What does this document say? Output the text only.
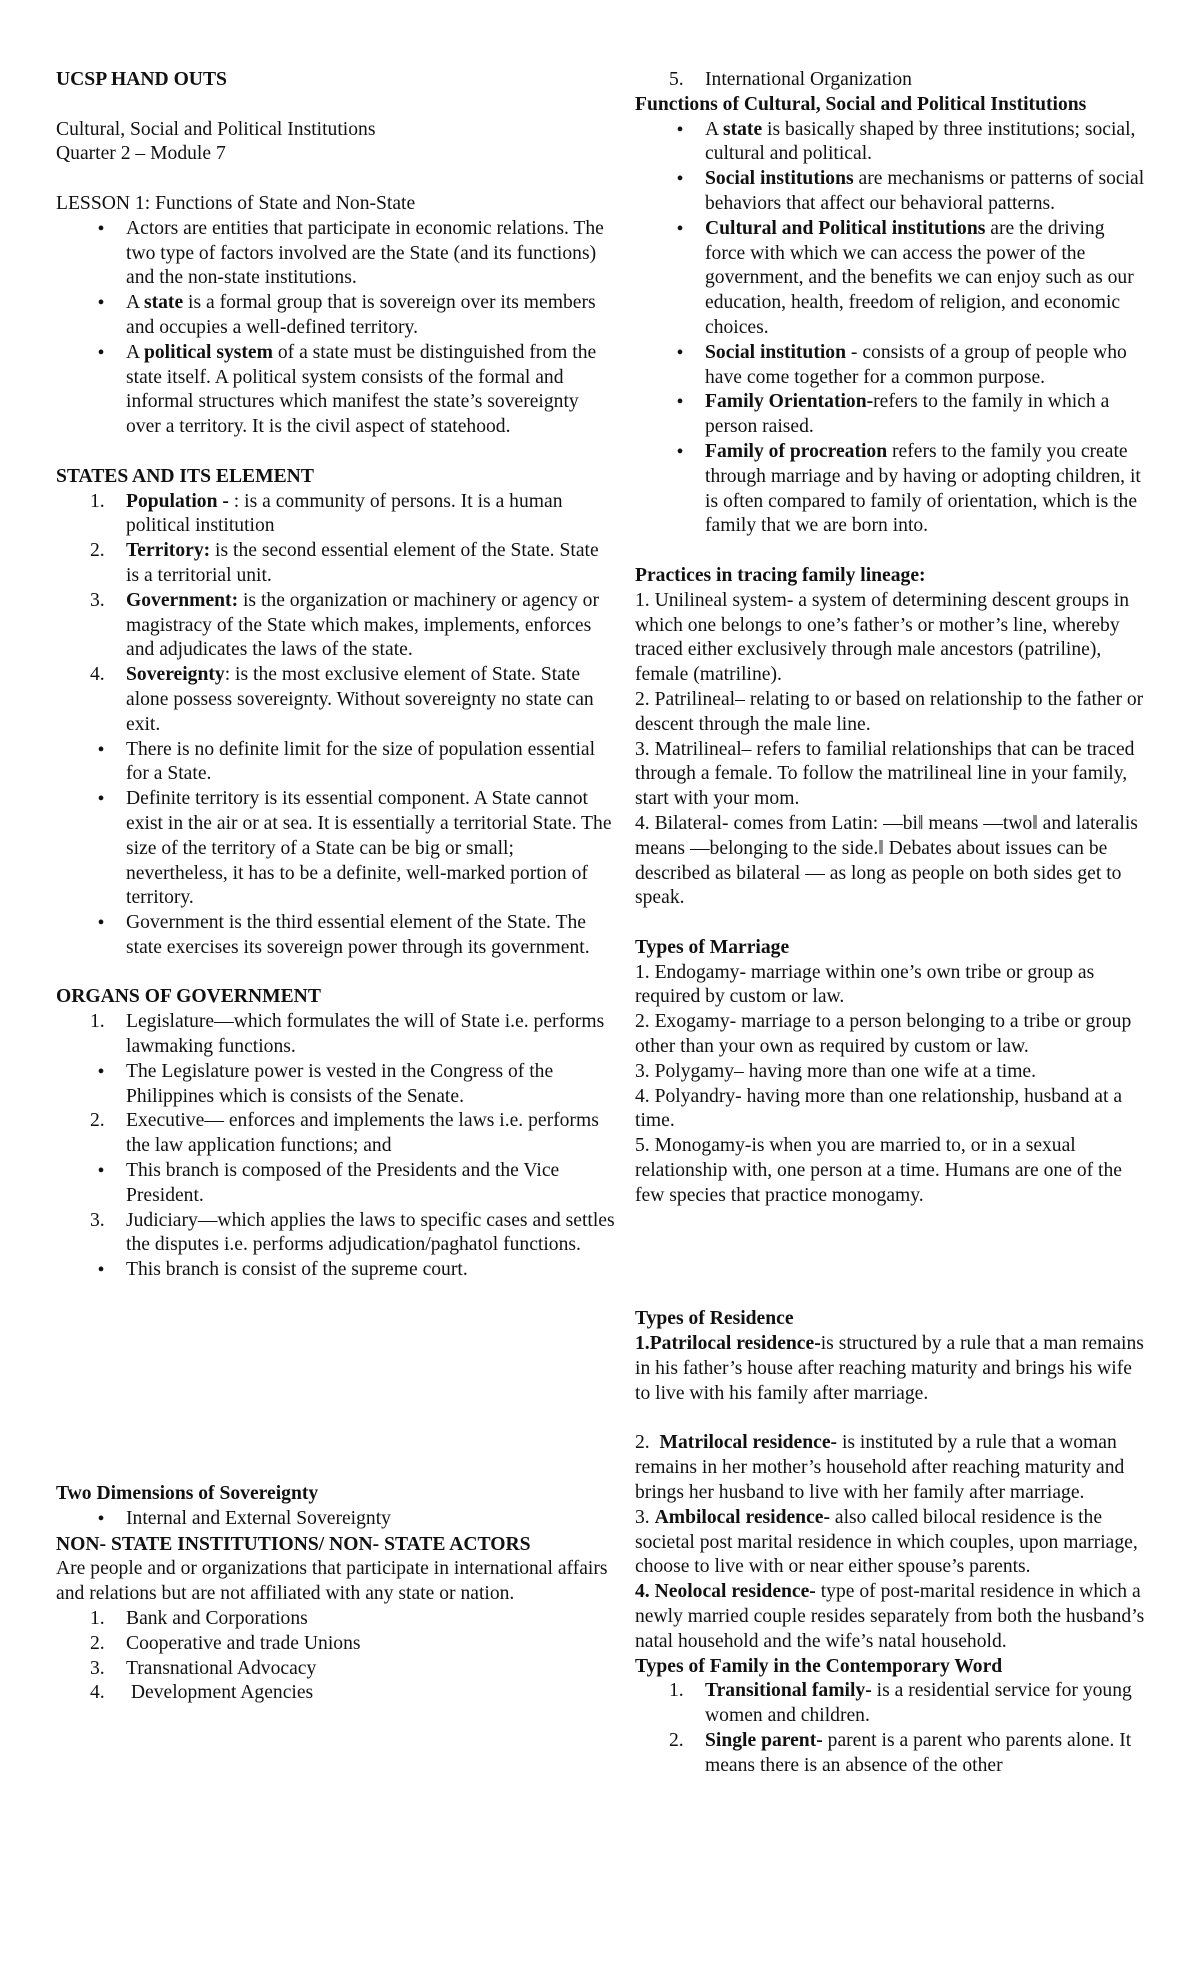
UCSP HAND OUTS

Cultural, Social and Political Institutions

Quarter 2 – Module 7

LESSON 1: Functions of State and Non-State

•
Actors are entities that participate in economic relations. The two type of factors involved are the State (and its functions) and the non-state institutions.
•
A state is a formal group that is sovereign over its members and occupies a well-defined territory.
•
A political system of a state must be distinguished from the state itself. A political system consists of the formal and informal structures which manifest the state’s sovereignty over a territory. It is the civil aspect of statehood.

STATES AND ITS ELEMENT

1.	Population - : is a community of persons. It is a human political institution
2.	Territory: is the second essential element of the State. State is a territorial unit.
3.	Government: is the organization or machinery or agency or magistracy of the State which makes, implements, enforces and adjudicates the laws of the state.
4.	Sovereignty: is the most exclusive element of State. State alone possess sovereignty. Without sovereignty no state can exit.
•
There is no definite limit for the size of population essential for a State.
•
Definite territory is its essential component. A State cannot exist in the air or at sea. It is essentially a territorial State. The size of the territory of a State can be big or small; nevertheless, it has to be a definite, well-marked portion of territory.
•
Government is the third essential element of the State. The state exercises its sovereign power through its government.

ORGANS OF GOVERNMENT

1.	Legislature—which formulates the will of State i.e. performs lawmaking functions.
•
The Legislature power is vested in the Congress of the Philippines which is consists of the Senate.
2.	Executive— enforces and implements the laws i.e. performs the law application functions; and
•
This branch is composed of the Presidents and the Vice President.
3.	Judiciary—which applies the laws to specific cases and settles the disputes i.e. performs adjudication/paghatol functions.
•
This branch is consist of the supreme court.

Two Dimensions of Sovereignty

•
Internal and External Sovereignty

NON- STATE INSTITUTIONS/ NON- STATE ACTORS

Are people and or organizations that participate in international affairs and relations but are not affiliated with any state or nation.

1.	Bank and Corporations
2.	Cooperative and trade Unions
3.	Transnational Advocacy
4.	Development Agencies
5.	International Organization

Functions of Cultural, Social and Political Institutions

•
A state is basically shaped by three institutions; social, cultural and political.
•
Social institutions are mechanisms or patterns of social behaviors that affect our behavioral patterns.
•
Cultural and Political institutions are the driving force with which we can access the power of the government, and the benefits we can enjoy such as our education, health, freedom of religion, and economic choices.
•
Social institution - consists of a group of people who have come together for a common purpose.
•
Family Orientation-refers to the family in which a person raised.
•
Family of procreation refers to the family you create through marriage and by having or adopting children, it is often compared to family of orientation, which is the family that we are born into.

Practices in tracing family lineage:

1. Unilineal system- a system of determining descent groups in which one belongs to one’s father’s or mother’s line, whereby traced either exclusively through male ancestors (patriline), female (matriline).

2. Patrilineal– relating to or based on relationship to the father or descent through the male line.

3. Matrilineal– refers to familial relationships that can be traced through a female. To follow the matrilineal line in your family, start with your mom.

4. Bilateral- comes from Latin: —bi‖ means —two‖ and lateralis means —belonging to the side.‖ Debates about issues can be described as bilateral — as long as people on both sides get to speak.

Types of Marriage

1. Endogamy- marriage within one’s own tribe or group as required by custom or law.

2. Exogamy- marriage to a person belonging to a tribe or group other than your own as required by custom or law.

3. Polygamy– having more than one wife at a time.

4. Polyandry- having more than one relationship, husband at a time.

5. Monogamy-is when you are married to, or in a sexual relationship with, one person at a time. Humans are one of the few species that practice monogamy.

Types of Residence

1.Patrilocal residence-is structured by a rule that a man remains in his father’s house after reaching maturity and brings his wife to live with his family after marriage.

2.  Matrilocal residence- is instituted by a rule that a woman remains in her mother’s household after reaching maturity and brings her husband to live with her family after marriage.

3. Ambilocal residence- also called bilocal residence is the societal post marital residence in which couples, upon marriage, choose to live with or near either spouse’s parents.

4. Neolocal residence- type of post-marital residence in which a newly married couple resides separately from both the husband’s natal household and the wife’s natal household.

Types of Family in the Contemporary Word

1.	Transitional family- is a residential service for young women and children.
2.	Single parent- parent is a parent who parents alone. It means there is an absence of the other
